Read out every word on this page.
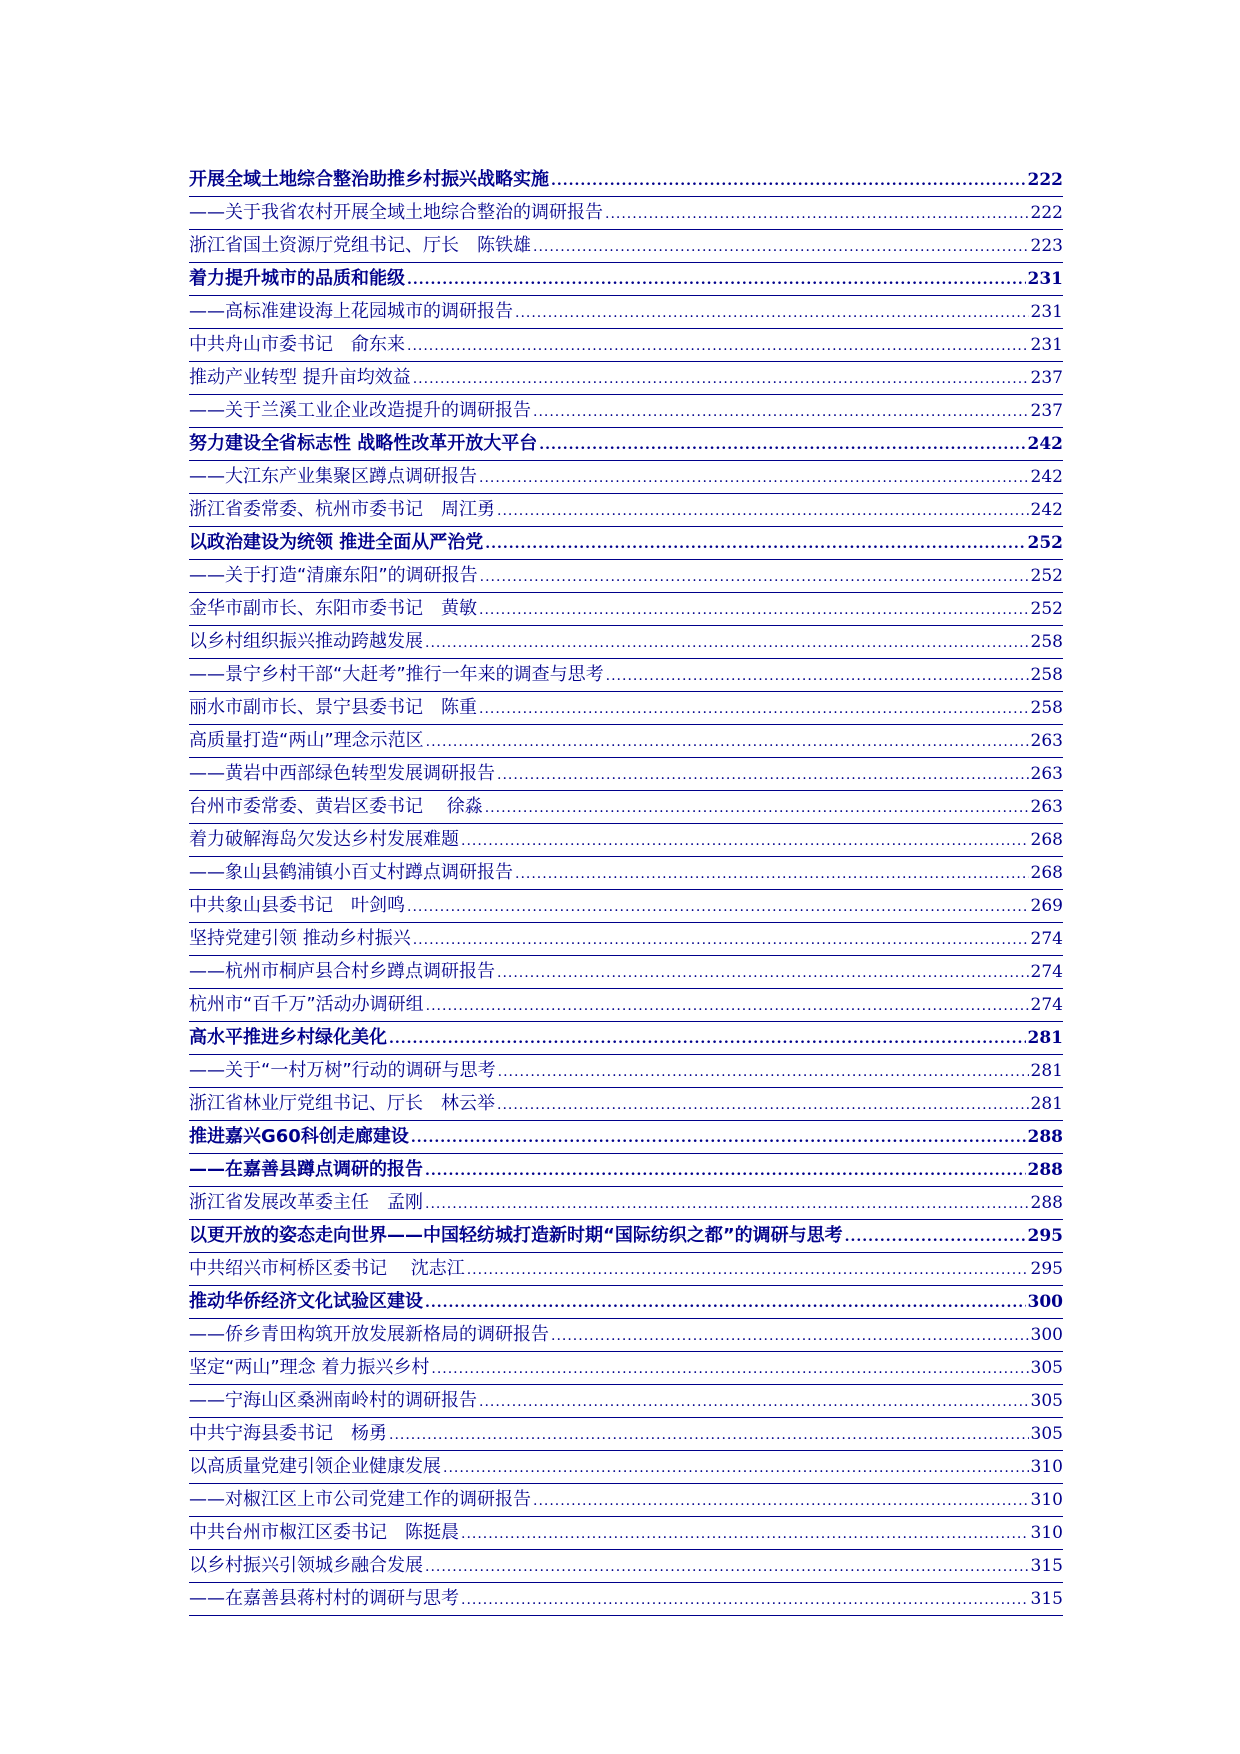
开展全域土地综合整治助推乡村振兴战略实施 .....	222
——关于我省农村开展全域土地综合整治的调研报告 .....	222
浙江省国土资源厅党组书记、厅长　陈铁雄 .....	223
着力提升城市的品质和能级 .....	231
——高标准建设海上花园城市的调研报告 .....	231
中共舟山市委书记　俞东来 .....	231
推动产业转型 提升亩均效益 .....	237
——关于兰溪工业企业改造提升的调研报告 .....	237
努力建设全省标志性 战略性改革开放大平台 .....	242
——大江东产业集聚区蹲点调研报告 .....	242
浙江省委常委、杭州市委书记　周江勇 .....	242
以政治建设为统领 推进全面从严治党 .....	252
——关于打造“清廉东阳”的调研报告 .....	252
金华市副市长、东阳市委书记　黄敏 .....	252
以乡村组织振兴推动跨越发展 .....	258
——景宁乡村干部“大赶考”推行一年来的调查与思考 .....	258
丽水市副市长、景宁县委书记　陈重 .....	258
高质量打造“两山”理念示范区 .....	263
——黄岩中西部绿色转型发展调研报告 .....	263
台州市委常委、黄岩区委书记　 徐淼 .....	263
着力破解海岛欠发达乡村发展难题 .....	268
——象山县鹤浦镇小百丈村蹲点调研报告 .....	268
中共象山县委书记　叶剑鸣 .....	269
坚持党建引领 推动乡村振兴 .....	274
——杭州市桐庐县合村乡蹲点调研报告 .....	274
杭州市“百千万”活动办调研组 .....	274
高水平推进乡村绿化美化 .....	281
——关于“一村万树”行动的调研与思考 .....	281
浙江省林业厅党组书记、厅长　林云举 .....	281
推进嘉兴G60科创走廊建设 .....	288
——在嘉善县蹲点调研的报告 .....	288
浙江省发展改革委主任　孟刚 .....	288
以更开放的姿态走向世界——中国轻纺城打造新时期“国际纺织之都”的调研与思考 .....	295
中共绍兴市柯桥区委书记　 沈志江 .....	295
推动华侨经济文化试验区建设 .....	300
——侨乡青田构筑开放发展新格局的调研报告 .....	300
坚定“两山”理念 着力振兴乡村 .....	305
——宁海山区桑洲南岭村的调研报告 .....	305
中共宁海县委书记　杨勇 .....	305
以高质量党建引领企业健康发展 .....	310
——对椒江区上市公司党建工作的调研报告 .....	310
中共台州市椒江区委书记　陈挺晨 .....	310
以乡村振兴引领城乡融合发展 .....	315
——在嘉善县蒋村村的调研与思考 .....	315
